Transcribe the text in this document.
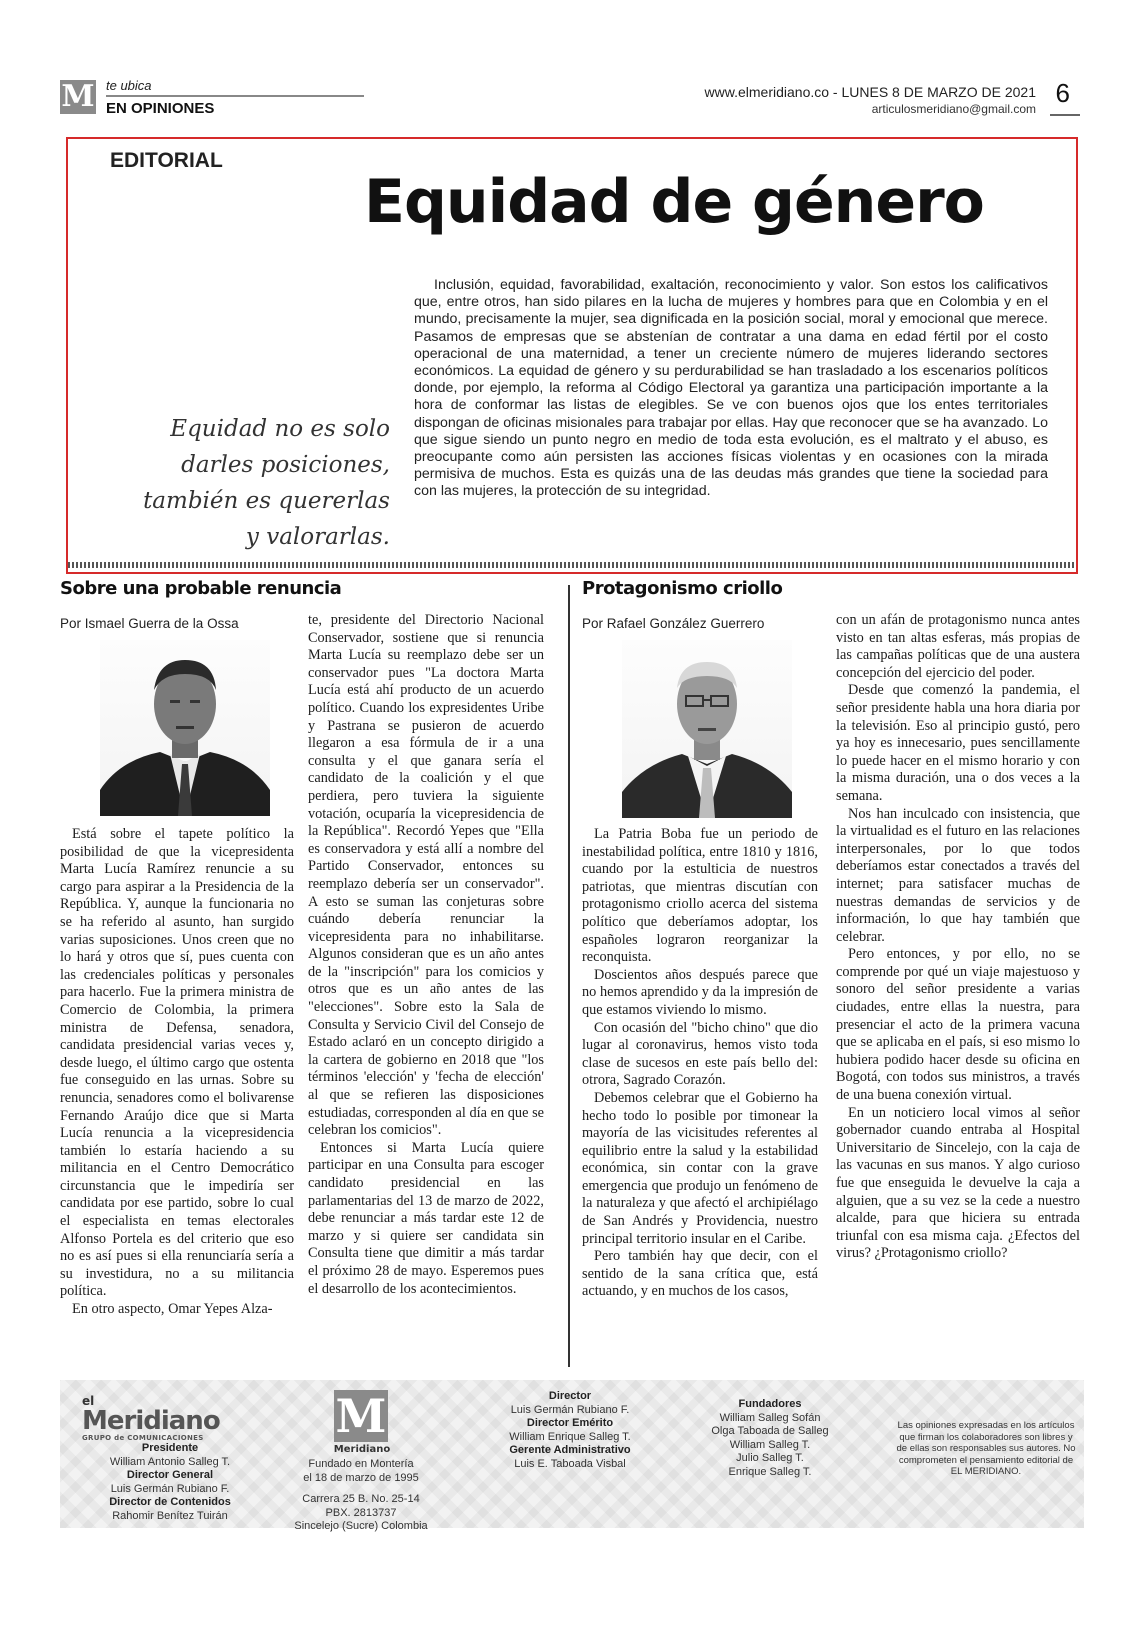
M te ubica
EN OPINIONES
www.elmeridiano.co - LUNES 8 DE MARZO DE 2021
articulosmeridiano@gmail.com
6
EDITORIAL
Equidad de género
Equidad no es solo darles posiciones, también es quererlas y valorarlas.
Inclusión, equidad, favorabilidad, exaltación, reconocimiento y valor. Son estos los calificativos que, entre otros, han sido pilares en la lucha de mujeres y hombres para que en Colombia y en el mundo, precisamente la mujer, sea dignificada en la posición social, moral y emocional que merece. Pasamos de empresas que se abstenían de contratar a una dama en edad fértil por el costo operacional de una maternidad, a tener un creciente número de mujeres liderando sectores económicos. La equidad de género y su perdurabilidad se han trasladado a los escenarios políticos donde, por ejemplo, la reforma al Código Electoral ya garantiza una participación importante a la hora de conformar las listas de elegibles. Se ve con buenos ojos que los entes territoriales dispongan de oficinas misionales para trabajar por ellas. Hay que reconocer que se ha avanzado. Lo que sigue siendo un punto negro en medio de toda esta evolución, es el maltrato y el abuso, es preocupante como aún persisten las acciones físicas violentas y en ocasiones con la mirada permisiva de muchos. Esta es quizás una de las deudas más grandes que tiene la sociedad para con las mujeres, la protección de su integridad.
Sobre una probable renuncia
Por Ismael Guerra de la Ossa

Está sobre el tapete político la posibilidad de que la vicepresidenta Marta Lucía Ramírez renuncie a su cargo para aspirar a la Presidencia de la República. Y, aunque la funcionaria no se ha referido al asunto, han surgido varias suposiciones. Unos creen que no lo hará y otros que sí, pues cuenta con las credenciales políticas y personales para hacerlo. Fue la primera ministra de Comercio de Colombia, la primera ministra de Defensa, senadora, candidata presidencial varias veces y, desde luego, el último cargo que ostenta fue conseguido en las urnas. Sobre su renuncia, senadores como el bolivarense Fernando Araújo dice que si Marta Lucía renuncia a la vicepresidencia también lo estaría haciendo a su militancia en el Centro Democrático circunstancia que le impediría ser candidata por ese partido, sobre lo cual el especialista en temas electorales Alfonso Portela es del criterio que eso no es así pues si ella renunciaría sería a su investidura, no a su militancia política.

En otro aspecto, Omar Yepes Alza-

te, presidente del Directorio Nacional Conservador, sostiene que si renuncia Marta Lucía su reemplazo debe ser un conservador pues "La doctora Marta Lucía está ahí producto de un acuerdo político. Cuando los expresidentes Uribe y Pastrana se pusieron de acuerdo llegaron a esa fórmula de ir a una consulta y el que ganara sería el candidato de la coalición y el que perdiera, pero tuviera la siguiente votación, ocuparía la vicepresidencia de la República". Recordó Yepes que "Ella es conservadora y está allí a nombre del Partido Conservador, entonces su reemplazo debería ser un conservador". A esto se suman las conjeturas sobre cuándo debería renunciar la vicepresidenta para no inhabilitarse. Algunos consideran que es un año antes de la "inscripción" para los comicios y otros que es un año antes de las "elecciones". Sobre esto la Sala de Consulta y Servicio Civil del Consejo de Estado aclaró en un concepto dirigido a la cartera de gobierno en 2018 que "los términos 'elección' y 'fecha de elección' al que se refieren las disposiciones estudiadas, corresponden al día en que se celebran los comicios".

Entonces si Marta Lucía quiere participar en una Consulta para escoger candidato presidencial en las parlamentarias del 13 de marzo de 2022, debe renunciar a más tardar este 12 de marzo y si quiere ser candidata sin Consulta tiene que dimitir a más tardar el próximo 28 de mayo. Esperemos pues el desarrollo de los acontecimientos.

Protagonismo criollo
Por Rafael González Guerrero

La Patria Boba fue un periodo de inestabilidad política, entre 1810 y 1816, cuando por la estulticia de nuestros patriotas, que mientras discutían con protagonismo criollo acerca del sistema político que deberíamos adoptar, los españoles lograron reorganizar la reconquista.

Doscientos años después parece que no hemos aprendido y da la impresión de que estamos viviendo lo mismo.

Con ocasión del "bicho chino" que dio lugar al coronavirus, hemos visto toda clase de sucesos en este país bello del: otrora, Sagrado Corazón.

Debemos celebrar que el Gobierno ha hecho todo lo posible por timonear la mayoría de las vicisitudes referentes al equilibrio entre la salud y la estabilidad económica, sin contar con la grave emergencia que produjo un fenómeno de la naturaleza y que afectó el archipiélago de San Andrés y Providencia, nuestro principal territorio insular en el Caribe.

Pero también hay que decir, con el sentido de la sana crítica que, está actuando, y en muchos de los casos,

con un afán de protagonismo nunca antes visto en tan altas esferas, más propias de las campañas políticas que de una austera concepción del ejercicio del poder.

Desde que comenzó la pandemia, el señor presidente habla una hora diaria por la televisión. Eso al principio gustó, pero ya hoy es innecesario, pues sencillamente lo puede hacer en el mismo horario y con la misma duración, una o dos veces a la semana.

Nos han inculcado con insistencia, que la virtualidad es el futuro en las relaciones interpersonales, por lo que todos deberíamos estar conectados a través del internet; para satisfacer muchas de nuestras demandas de servicios y de información, lo que hay también que celebrar.

Pero entonces, y por ello, no se comprende por qué un viaje majestuoso y sonoro del señor presidente a varias ciudades, entre ellas la nuestra, para presenciar el acto de la primera vacuna que se aplicaba en el país, si eso mismo lo hubiera podido hacer desde su oficina en Bogotá, con todos sus ministros, a través de una buena conexión virtual.

En un noticiero local vimos al señor gobernador cuando entraba al Hospital Universitario de Sincelejo, con la caja de las vacunas en sus manos. Y algo curioso fue que enseguida le devuelve la caja a alguien, que a su vez se la cede a nuestro alcalde, para que hiciera su entrada triunfal con esa misma caja. ¿Efectos del virus? ¿Protagonismo criollo?

el
Meridiano
GRUPO de COMUNICACIONES
Presidente
William Antonio Salleg T.
Director General
Luis Germán Rubiano F.
Director de Contenidos
Rahomir Benítez Tuirán
M
Meridiano
Fundado en Montería
el 18 de marzo de 1995
Carrera 25 B. No. 25-14
PBX. 2813737
Sincelejo (Sucre) Colombia
Director
Luis Germán Rubiano F.
Director Emérito
William Enrique Salleg T.
Gerente Administrativo
Luis E. Taboada Visbal
Fundadores
William Salleg Sofán
Olga Taboada de Salleg
William Salleg T.
Julio Salleg T.
Enrique Salleg T.
Las opiniones expresadas en los artículos que firman los colaboradores son libres y de ellas son responsables sus autores. No comprometen el pensamiento editorial de EL MERIDIANO.
